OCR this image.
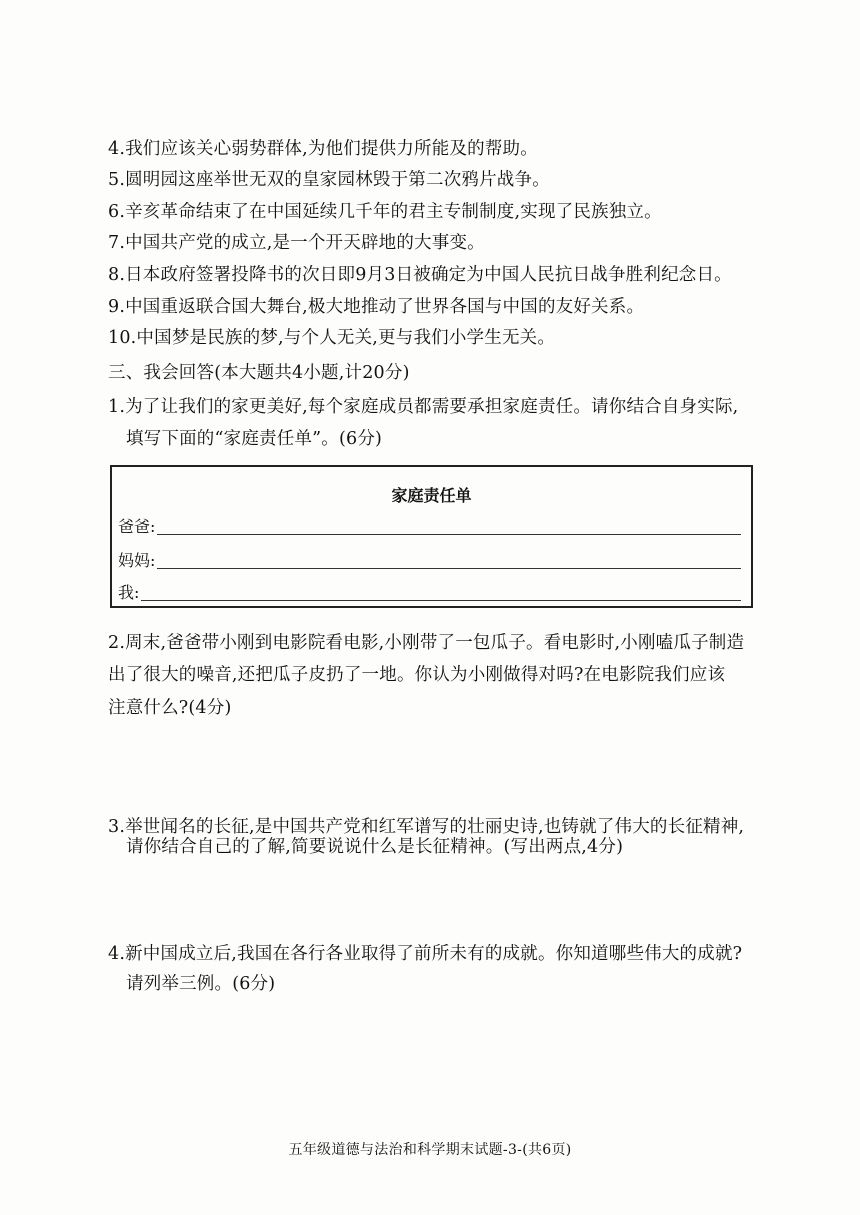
4.我们应该关心弱势群体,为他们提供力所能及的帮助。
5.圆明园这座举世无双的皇家园林毁于第二次鸦片战争。
6.辛亥革命结束了在中国延续几千年的君主专制制度,实现了民族独立。
7.中国共产党的成立,是一个开天辟地的大事变。
8.日本政府签署投降书的次日即9月3日被确定为中国人民抗日战争胜利纪念日。
9.中国重返联合国大舞台,极大地推动了世界各国与中国的友好关系。
10.中国梦是民族的梦,与个人无关,更与我们小学生无关。
三、我会回答(本大题共4小题,计20分)
1.为了让我们的家更美好,每个家庭成员都需要承担家庭责任。请你结合自身实际,
填写下面的“家庭责任单”。(6分)
家庭责任单
爸爸:
妈妈:
我:
2.周末,爸爸带小刚到电影院看电影,小刚带了一包瓜子。看电影时,小刚嗑瓜子制造
出了很大的噪音,还把瓜子皮扔了一地。你认为小刚做得对吗?在电影院我们应该
注意什么?(4分)
3.举世闻名的长征,是中国共产党和红军谱写的壮丽史诗,也铸就了伟大的长征精神,
请你结合自己的了解,简要说说什么是长征精神。(写出两点,4分)
4.新中国成立后,我国在各行各业取得了前所未有的成就。你知道哪些伟大的成就?
请列举三例。(6分)
五年级道德与法治和科学期末试题-3-(共6页)
